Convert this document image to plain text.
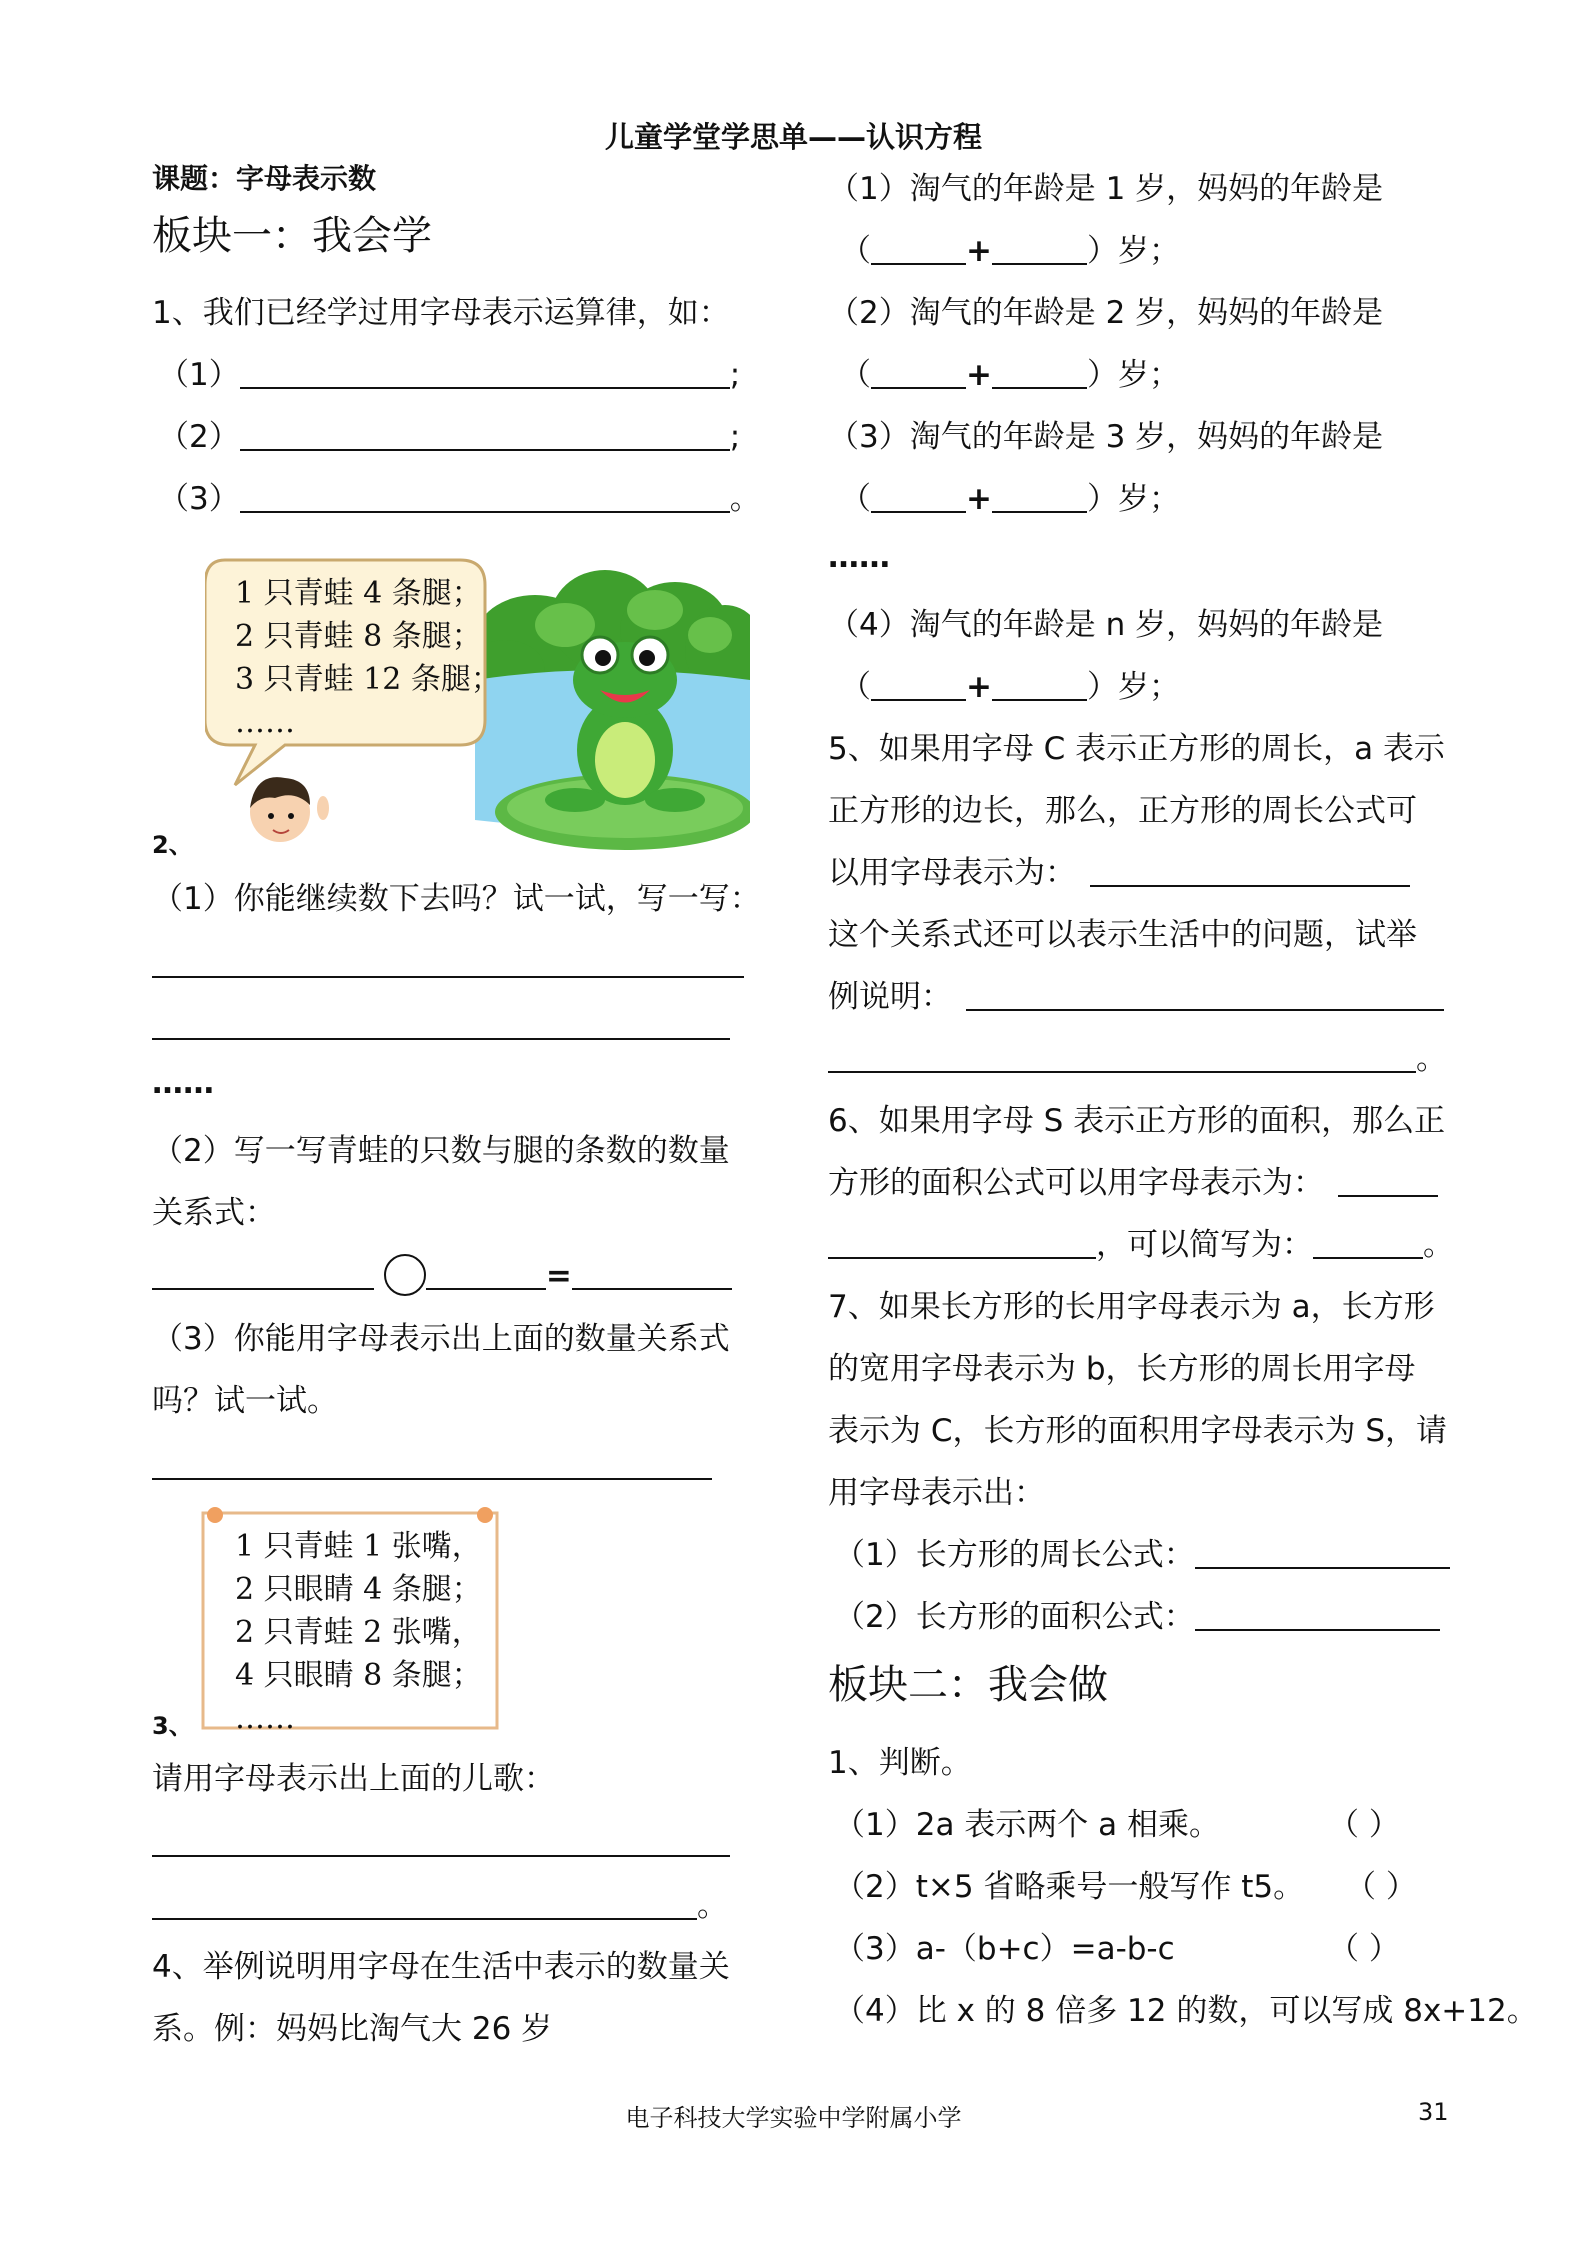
儿童学堂学思单——认识方程
课题：字母表示数
板块一：我会学
1、我们已经学过用字母表示运算律，如：
（1）	;
（2）	;
（3）	。
1 只青蛙 4 条腿；
2 只青蛙 8 条腿；
3 只青蛙 12 条腿；
……
2、
（1）你能继续数下去吗？试一试，写一写：
……
（2）写一写青蛙的只数与腿的条数的数量
关系式：
=
（3）你能用字母表示出上面的数量关系式
吗？试一试。
1 只青蛙 1 张嘴，
2 只眼睛 4 条腿；
2 只青蛙 2 张嘴，
4 只眼睛 8 条腿；
……
3、
请用字母表示出上面的儿歌：
。
4、举例说明用字母在生活中表示的数量关
系。例：妈妈比淘气大 26 岁
（1）淘气的年龄是 1 岁，妈妈的年龄是
（	+	）岁；
（2）淘气的年龄是 2 岁，妈妈的年龄是
（	+	）岁；
（3）淘气的年龄是 3 岁，妈妈的年龄是
（	+	）岁；
……
（4）淘气的年龄是 n 岁，妈妈的年龄是
（	+	）岁；
5、如果用字母 C 表示正方形的周长，a 表示
正方形的边长，那么，正方形的周长公式可
以用字母表示为：
这个关系式还可以表示生活中的问题，试举
例说明：
。
6、如果用字母 S 表示正方形的面积，那么正
方形的面积公式可以用字母表示为：
，可以简写为：	。
7、如果长方形的长用字母表示为 a，长方形
的宽用字母表示为 b，长方形的周长用字母
表示为 C，长方形的面积用字母表示为 S，请
用字母表示出：
（1）长方形的周长公式：
（2）长方形的面积公式：
板块二：我会做
1、判断。
（1）2a 表示两个 a 相乘。	（ ）
（2）t×5 省略乘号一般写作 t5。 （ ）
（3）a-（b+c）=a-b-c	（ ）
（4）比 x 的 8 倍多 12 的数，可以写成 8x+12。
电子科技大学实验中学附属小学	31
